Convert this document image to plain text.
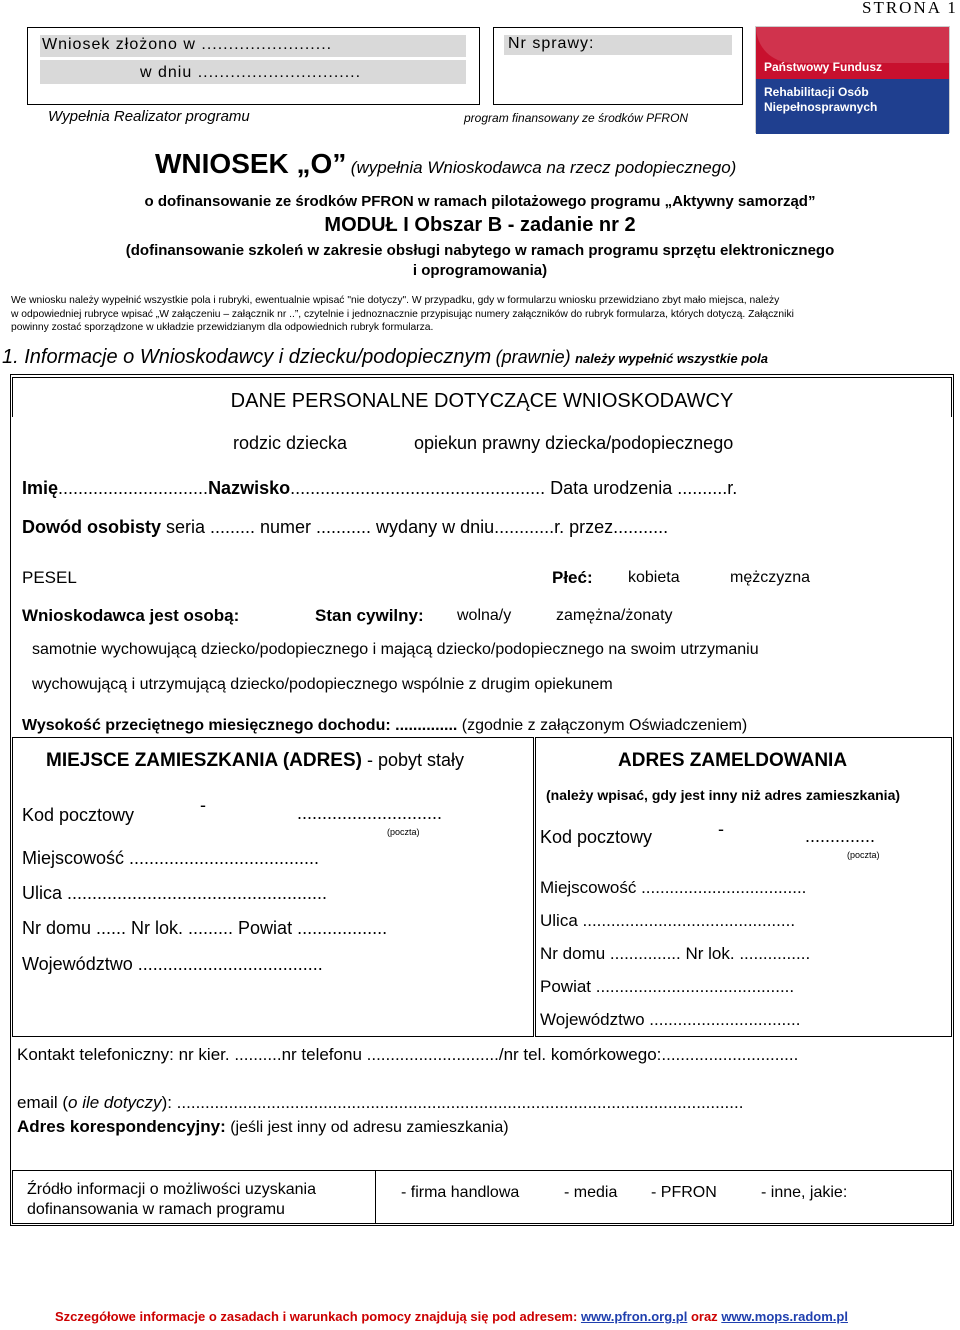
STRONA 1
Wniosek złożono w ........................
w dniu ..............................
Nr sprawy:
Wypełnia Realizator programu	program finansowany ze środków PFRON
Państwowy Fundusz
Rehabilitacji Osób
Niepełnosprawnych
WNIOSEK „O” (wypełnia Wnioskodawca na rzecz podopiecznego)
o dofinansowanie ze środków PFRON w ramach pilotażowego programu „Aktywny samorząd”
MODUŁ I Obszar B - zadanie nr 2
(dofinansowanie szkoleń w zakresie obsługi nabytego w ramach programu sprzętu elektronicznego
i oprogramowania)
We wniosku należy wypełnić wszystkie pola i rubryki, ewentualnie wpisać "nie dotyczy". W przypadku, gdy w formularzu wniosku przewidziano zbyt mało miejsca, należy
w odpowiedniej rubryce wpisać „W załączeniu – załącznik nr ..”, czytelnie i jednoznacznie przypisując numery załączników do rubryk formularza, których dotyczą. Załączniki
powinny zostać sporządzone w układzie przewidzianym dla odpowiednich rubryk formularza.
1. Informacje o Wnioskodawcy i dziecku/podopiecznym (prawnie) należy wypełnić wszystkie pola
DANE PERSONALNE DOTYCZĄCE WNIOSKODAWCY
rodzic dziecka	opiekun prawny dziecka/podopiecznego
Imię..............................Nazwisko................................................... Data urodzenia ..........r.
Dowód osobisty seria ......... numer ........... wydany w dniu............r. przez...........
PESEL	Płeć: kobieta	mężczyzna
Wnioskodawca jest osobą:	Stan cywilny: wolna/y	zamężna/żonaty
samotnie wychowującą dziecko/podopiecznego i mającą dziecko/podopiecznego na swoim utrzymaniu
wychowującą i utrzymującą dziecko/podopiecznego wspólnie z drugim opiekunem
Wysokość przeciętnego miesięcznego dochodu: .............. (zgodnie z załączonym Oświadczeniem)
MIEJSCE ZAMIESZKANIA (ADRES) - pobyt stały
Kod pocztowy	-	.............................
(poczta)
Miejscowość ......................................
Ulica ....................................................
Nr domu ...... Nr lok. ......... Powiat ..................
Województwo .....................................
ADRES ZAMELDOWANIA
(należy wpisać, gdy jest inny niż adres zamieszkania)
Kod pocztowy	-	..............
(poczta)
Miejscowość ...................................
Ulica .............................................
Nr domu ............... Nr lok. ...............
Powiat ..........................................
Województwo ................................
Kontakt telefoniczny: nr kier. ..........nr telefonu ............................/nr tel. komórkowego:.............................
email (o ile dotyczy): ........................................................................................................................
Adres korespondencyjny: (jeśli jest inny od adresu zamieszkania)
Źródło informacji o możliwości uzyskania
dofinansowania w ramach programu
- firma handlowa	- media - PFRON	- inne, jakie:
Szczegółowe informacje o zasadach i warunkach pomocy znajdują się pod adresem: www.pfron.org.pl oraz www.mops.radom.pl
